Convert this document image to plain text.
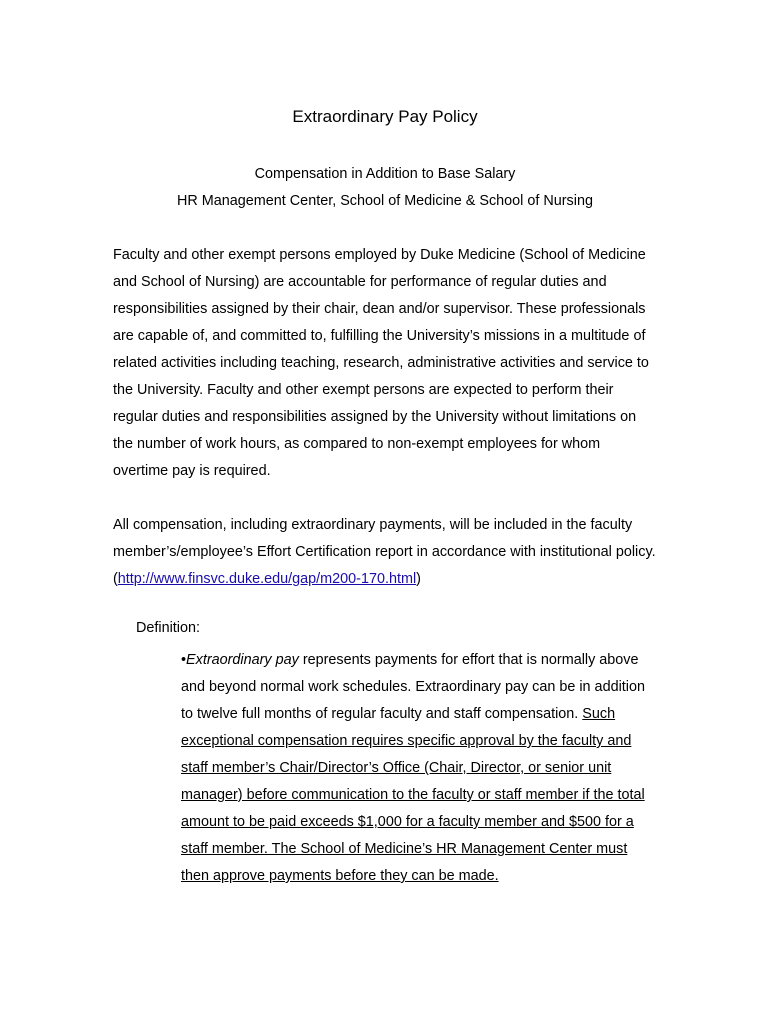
Extraordinary Pay Policy

Compensation in Addition to Base Salary

HR Management Center, School of Medicine & School of Nursing

Faculty and other exempt persons employed by Duke Medicine (School of Medicine and School of Nursing) are accountable for performance of regular duties and responsibilities assigned by their chair, dean and/or supervisor. These professionals are capable of, and committed to, fulfilling the University’s missions in a multitude of related activities including teaching, research, administrative activities and service to the University. Faculty and other exempt persons are expected to perform their regular duties and responsibilities assigned by the University without limitations on the number of work hours, as compared to non-exempt employees for whom overtime pay is required.

All compensation, including extraordinary payments, will be included in the faculty member’s/employee’s Effort Certification report in accordance with institutional policy. (http://www.finsvc.duke.edu/gap/m200-170.html)

Definition:

•Extraordinary pay represents payments for effort that is normally above and beyond normal work schedules. Extraordinary pay can be in addition to twelve full months of regular faculty and staff compensation. Such exceptional compensation requires specific approval by the faculty and staff member’s Chair/Director’s Office (Chair, Director, or senior unit manager) before communication to the faculty or staff member if the total amount to be paid exceeds $1,000 for a faculty member and $500 for a staff member. The School of Medicine’s HR Management Center must then approve payments before they can be made.
